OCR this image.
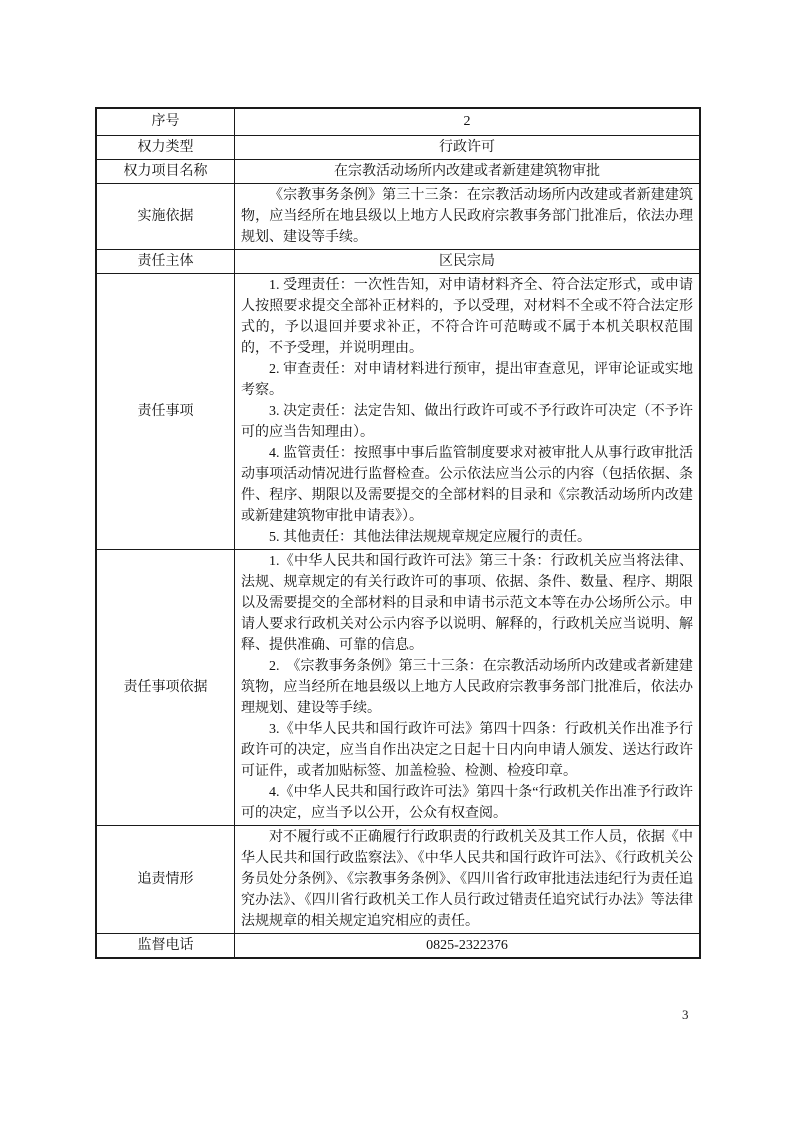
序号	2
权力类型	行政许可
权力项目名称	在宗教活动场所内改建或者新建建筑物审批
实施依据	《宗教事务条例》第三十三条：在宗教活动场所内改建或者新建建筑物，应当经所在地县级以上地方人民政府宗教事务部门批准后，依法办理规划、建设等手续。

责任主体	区民宗局
责任事项	1. 受理责任：一次性告知，对申请材料齐全、符合法定形式，或申请人按照要求提交全部补正材料的，予以受理，对材料不全或不符合法定形式的，予以退回并要求补正，不符合许可范畴或不属于本机关职权范围的，不予受理，并说明理由。

2. 审查责任：对申请材料进行预审，提出审查意见，评审论证或实地考察。

3. 决定责任：法定告知、做出行政许可或不予行政许可决定（不予许可的应当告知理由）。

4. 监管责任：按照事中事后监管制度要求对被审批人从事行政审批活动事项活动情况进行监督检查。公示依法应当公示的内容（包括依据、条件、程序、期限以及需要提交的全部材料的目录和《宗教活动场所内改建或新建建筑物审批申请表》）。

5. 其他责任：其他法律法规规章规定应履行的责任。

责任事项依据	1.《中华人民共和国行政许可法》第三十条：行政机关应当将法律、法规、规章规定的有关行政许可的事项、依据、条件、数量、程序、期限以及需要提交的全部材料的目录和申请书示范文本等在办公场所公示。申请人要求行政机关对公示内容予以说明、解释的，行政机关应当说明、解释、提供准确、可靠的信息。

2.　《宗教事务条例》第三十三条：在宗教活动场所内改建或者新建建筑物，应当经所在地县级以上地方人民政府宗教事务部门批准后，依法办理规划、建设等手续。

3.《中华人民共和国行政许可法》第四十四条：行政机关作出准予行政许可的决定，应当自作出决定之日起十日内向申请人颁发、送达行政许可证件，或者加贴标签、加盖检验、检测、检疫印章。

4.《中华人民共和国行政许可法》第四十条“行政机关作出准予行政许可的决定，应当予以公开，公众有权查阅。

追责情形	对不履行或不正确履行行政职责的行政机关及其工作人员，依据《中华人民共和国行政监察法》、《中华人民共和国行政许可法》、《行政机关公务员处分条例》、《宗教事务条例》、《四川省行政审批违法违纪行为责任追究办法》、《四川省行政机关工作人员行政过错责任追究试行办法》等法律法规规章的相关规定追究相应的责任。

监督电话	0825-2322376
3
